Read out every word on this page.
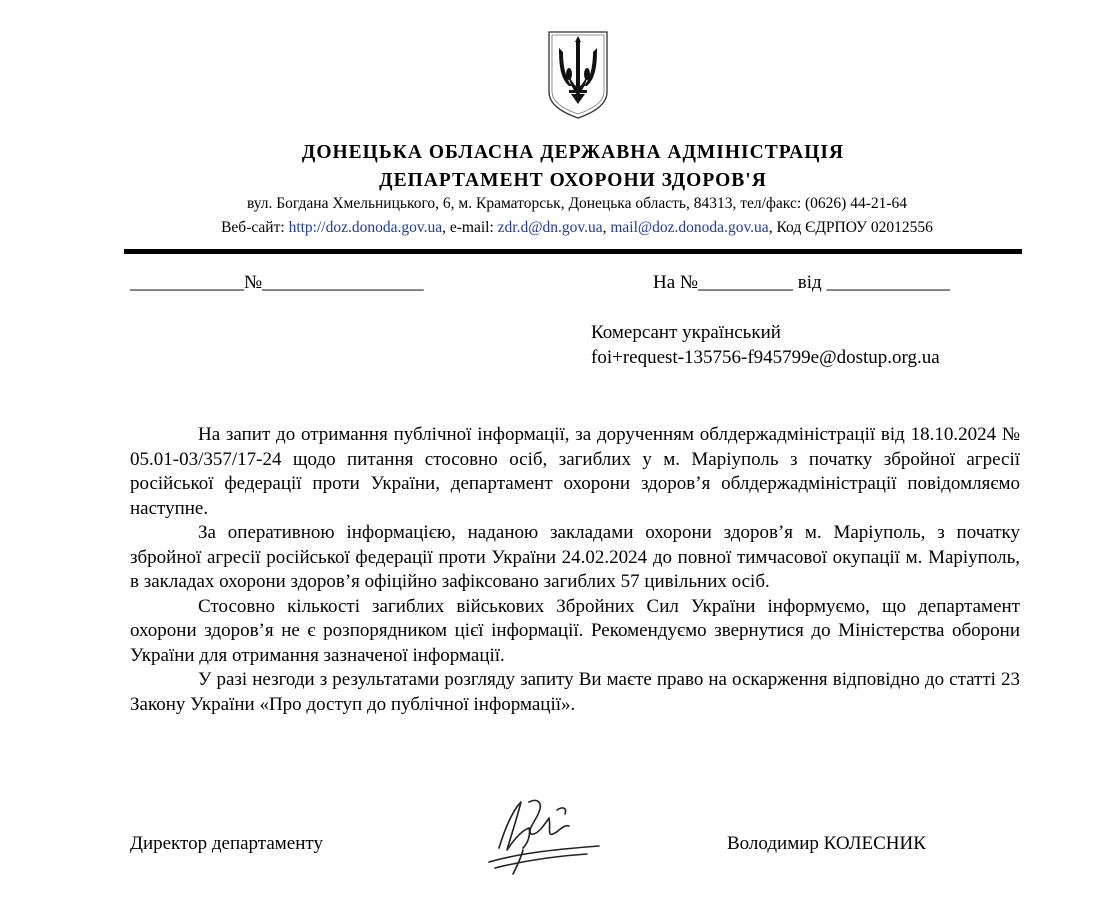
ДОНЕЦЬКА ОБЛАСНА ДЕРЖАВНА АДМІНІСТРАЦІЯ
ДЕПАРТАМЕНТ ОХОРОНИ ЗДОРОВ'Я
вул. Богдана Хмельницького, 6, м. Краматорськ, Донецька область, 84313, тел/факс: (0626) 44-21-64
Веб-сайт: http://doz.donoda.gov.ua, e-mail: zdr.d@dn.gov.ua, mail@doz.donoda.gov.ua, Код ЄДРПОУ 02012556
____________№_________________	На №__________ від _____________
Комерсант український
foi+request-135756-f945799e@dostup.org.ua

На запит до отримання публічної інформації, за дорученням облдержадміністрації від 18.10.2024 № 05.01-03/357/17-24 щодо питання стосовно осіб, загиблих у м. Маріуполь з початку збройної агресії російської федерації проти України, департамент охорони здоров’я облдержадміністрації повідомляємо наступне.

За оперативною інформацією, наданою закладами охорони здоров’я м. Маріуполь, з початку збройної агресії російської федерації проти України 24.02.2024 до повної тимчасової окупації м. Маріуполь, в закладах охорони здоров’я офіційно зафіксовано загиблих 57 цивільних осіб.

Стосовно кількості загиблих військових Збройних Сил України інформуємо, що департамент охорони здоров’я не є розпорядником цієї інформації. Рекомендуємо звернутися до Міністерства оборони України для отримання зазначеної інформації.

У разі незгоди з результатами розгляду запиту Ви маєте право на оскарження відповідно до статті 23 Закону України «Про доступ до публічної інформації».

Директор департаменту	Володимир КОЛЕСНИК
